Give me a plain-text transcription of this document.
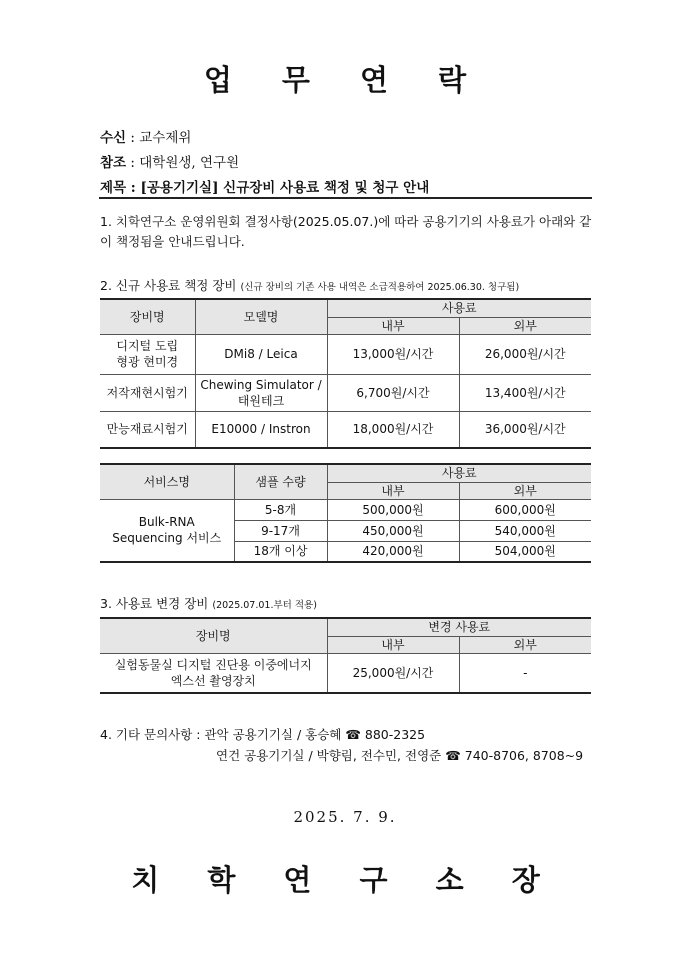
업 무 연 락
수신 : 교수제위
참조 : 대학원생, 연구원
제목 : [공용기기실] 신규장비 사용료 책정 및 청구 안내
1. 치학연구소 운영위원회 결정사항(2025.05.07.)에 따라 공용기기의 사용료가 아래와 같이 책정됨을 안내드립니다.
2. 신규 사용료 책정 장비 (신규 장비의 기존 사용 내역은 소급적용하여 2025.06.30. 청구됨)
장비명	모델명	사용료	
		내부	외부
디지털 도립 형광 현미경	DMi8 / Leica	13,000원/시간	26,000원/시간
저작재현시험기	Chewing Simulator / 태원테크	6,700원/시간	13,400원/시간
만능재료시험기	E10000 / Instron	18,000원/시간	36,000원/시간
서비스명	샘플 수량	사용료	
		내부	외부
Bulk-RNA Sequencing 서비스	5-8개	500,000원	600,000원
	9-17개	450,000원	540,000원
	18개 이상	420,000원	504,000원
3. 사용료 변경 장비 (2025.07.01.부터 적용)
장비명	변경 사용료	
	내부	외부
실험동물실 디지털 진단용 이중에너지 엑스선 촬영장치	25,000원/시간	-
4. 기타 문의사항 : 관악 공용기기실 / 홍승혜 ☎ 880-2325
연건 공용기기실 / 박향림, 전수민, 전영준 ☎ 740-8706, 8708~9
2025. 7. 9.
치 학 연 구 소 장
